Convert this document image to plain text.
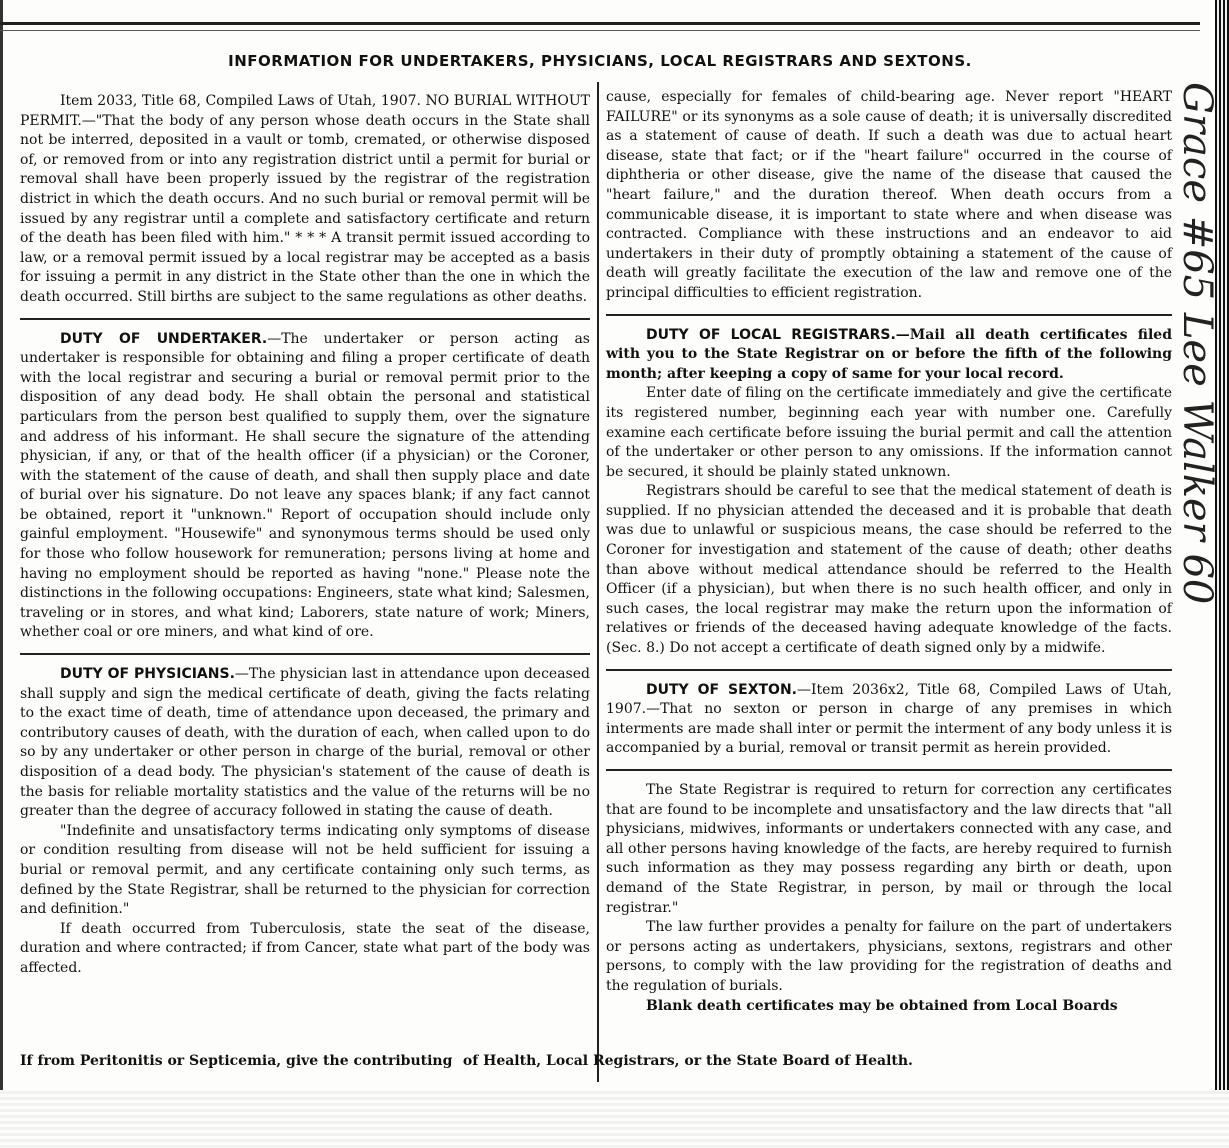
INFORMATION FOR UNDERTAKERS, PHYSICIANS, LOCAL REGISTRARS AND SEXTONS.

Item 2033, Title 68, Compiled Laws of Utah, 1907. NO BURIAL WITHOUT PERMIT.—"That the body of any person whose death occurs in the State shall not be interred, deposited in a vault or tomb, cremated, or otherwise disposed of, or removed from or into any registration district until a permit for burial or removal shall have been properly issued by the registrar of the registration district in which the death occurs. And no such burial or removal permit will be issued by any registrar until a complete and satisfactory certificate and return of the death has been filed with him." * * * A transit permit issued according to law, or a removal permit issued by a local registrar may be accepted as a basis for issuing a permit in any district in the State other than the one in which the death occurred. Still births are subject to the same regulations as other deaths.

DUTY OF UNDERTAKER.—The undertaker or person acting as undertaker is responsible for obtaining and filing a proper certificate of death with the local registrar and securing a burial or removal permit prior to the disposition of any dead body. He shall obtain the personal and statistical particulars from the person best qualified to supply them, over the signature and address of his informant. He shall secure the signature of the attending physician, if any, or that of the health officer (if a physician) or the Coroner, with the statement of the cause of death, and shall then supply place and date of burial over his signature. Do not leave any spaces blank; if any fact cannot be obtained, report it "unknown." Report of occupation should include only gainful employment. "Housewife" and synonymous terms should be used only for those who follow housework for remuneration; persons living at home and having no employment should be reported as having "none." Please note the distinctions in the following occupations: Engineers, state what kind; Salesmen, traveling or in stores, and what kind; Laborers, state nature of work; Miners, whether coal or ore miners, and what kind of ore.

DUTY OF PHYSICIANS.—The physician last in attendance upon deceased shall supply and sign the medical certificate of death, giving the facts relating to the exact time of death, time of attendance upon deceased, the primary and contributory causes of death, with the duration of each, when called upon to do so by any undertaker or other person in charge of the burial, removal or other disposition of a dead body. The physician's statement of the cause of death is the basis for reliable mortality statistics and the value of the returns will be no greater than the degree of accuracy followed in stating the cause of death.

"Indefinite and unsatisfactory terms indicating only symptoms of disease or condition resulting from disease will not be held sufficient for issuing a burial or removal permit, and any certificate containing only such terms, as defined by the State Registrar, shall be returned to the physician for correction and definition."

If death occurred from Tuberculosis, state the seat of the disease, duration and where contracted; if from Cancer, state what part of the body was affected.

cause, especially for females of child-bearing age. Never report "HEART FAILURE" or its synonyms as a sole cause of death; it is universally discredited as a statement of cause of death. If such a death was due to actual heart disease, state that fact; or if the "heart failure" occurred in the course of diphtheria or other disease, give the name of the disease that caused the "heart failure," and the duration thereof. When death occurs from a communicable disease, it is important to state where and when disease was contracted. Compliance with these instructions and an endeavor to aid undertakers in their duty of promptly obtaining a statement of the cause of death will greatly facilitate the execution of the law and remove one of the principal difficulties to efficient registration.

DUTY OF LOCAL REGISTRARS.—Mail all death certificates filed with you to the State Registrar on or before the fifth of the following month; after keeping a copy of same for your local record.

Enter date of filing on the certificate immediately and give the certificate its registered number, beginning each year with number one. Carefully examine each certificate before issuing the burial permit and call the attention of the undertaker or other person to any omissions. If the information cannot be secured, it should be plainly stated unknown.

Registrars should be careful to see that the medical statement of death is supplied. If no physician attended the deceased and it is probable that death was due to unlawful or suspicious means, the case should be referred to the Coroner for investigation and statement of the cause of death; other deaths than above without medical attendance should be referred to the Health Officer (if a physician), but when there is no such health officer, and only in such cases, the local registrar may make the return upon the information of relatives or friends of the deceased having adequate knowledge of the facts. (Sec. 8.) Do not accept a certificate of death signed only by a midwife.

DUTY OF SEXTON.—Item 2036x2, Title 68, Compiled Laws of Utah, 1907.—That no sexton or person in charge of any premises in which interments are made shall inter or permit the interment of any body unless it is accompanied by a burial, removal or transit permit as herein provided.

The State Registrar is required to return for correction any certificates that are found to be incomplete and unsatisfactory and the law directs that "all physicians, midwives, informants or undertakers connected with any case, and all other persons having knowledge of the facts, are hereby required to furnish such information as they may possess regarding any birth or death, upon demand of the State Registrar, in person, by mail or through the local registrar."

The law further provides a penalty for failure on the part of undertakers or persons acting as undertakers, physicians, sextons, registrars and other persons, to comply with the law providing for the registration of deaths and the regulation of burials.

Blank death certificates may be obtained from Local Boards

If from Peritonitis or Septicemia, give the contributing of Health, Local Registrars, or the State Board of Health.
Grace #65 Lee Walker 60
